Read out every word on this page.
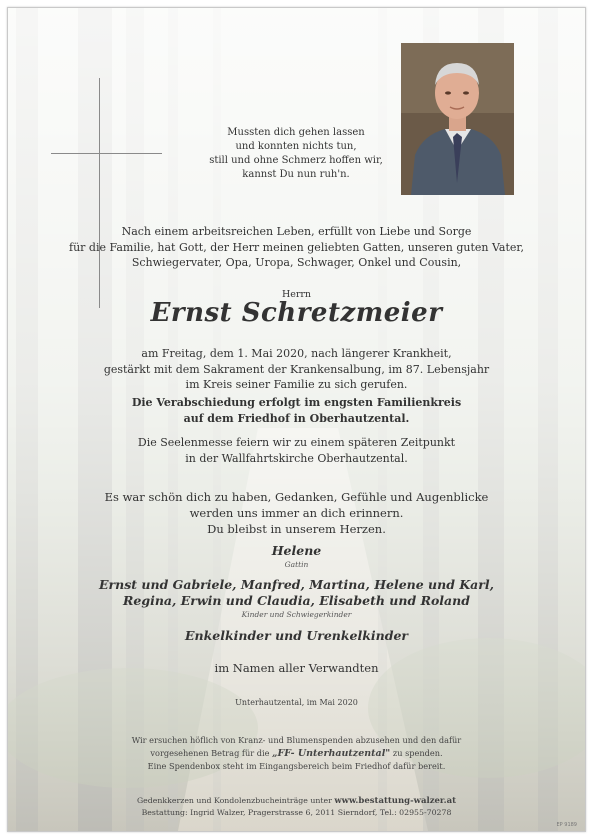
Mussten dich gehen lassen
und konnten nichts tun,
still und ohne Schmerz hoffen wir,
kannst Du nun ruh'n.
Nach einem arbeitsreichen Leben, erfüllt von Liebe und Sorge
für die Familie, hat Gott, der Herr meinen geliebten Gatten, unseren guten Vater,
Schwiegervater, Opa, Uropa, Schwager, Onkel und Cousin,
Herrn
Ernst Schretzmeier
am Freitag, dem 1. Mai 2020, nach längerer Krankheit,
gestärkt mit dem Sakrament der Krankensalbung, im 87. Lebensjahr
im Kreis seiner Familie zu sich gerufen.
Die Verabschiedung erfolgt im engsten Familienkreis
auf dem Friedhof in Oberhautzental.
Die Seelenmesse feiern wir zu einem späteren Zeitpunkt
in der Wallfahrtskirche Oberhautzental.
Es war schön dich zu haben, Gedanken, Gefühle und Augenblicke
werden uns immer an dich erinnern.
Du bleibst in unserem Herzen.
Helene
Gattin
Ernst und Gabriele, Manfred, Martina, Helene und Karl,
Regina, Erwin und Claudia, Elisabeth und Roland
Kinder und Schwiegerkinder
Enkelkinder und Urenkelkinder
im Namen aller Verwandten
Unterhautzental, im Mai 2020
Wir ersuchen höflich von Kranz- und Blumenspenden abzusehen und den dafür
vorgesehenen Betrag für die „FF- Unterhautzental" zu spenden.
Eine Spendenbox steht im Eingangsbereich beim Friedhof dafür bereit.
Gedenkkerzen und Kondolenzbucheinträge unter www.bestattung-walzer.at
Bestattung: Ingrid Walzer, Pragerstrasse 6, 2011 Sierndorf, Tel.: 02955-70278
EP 9189
